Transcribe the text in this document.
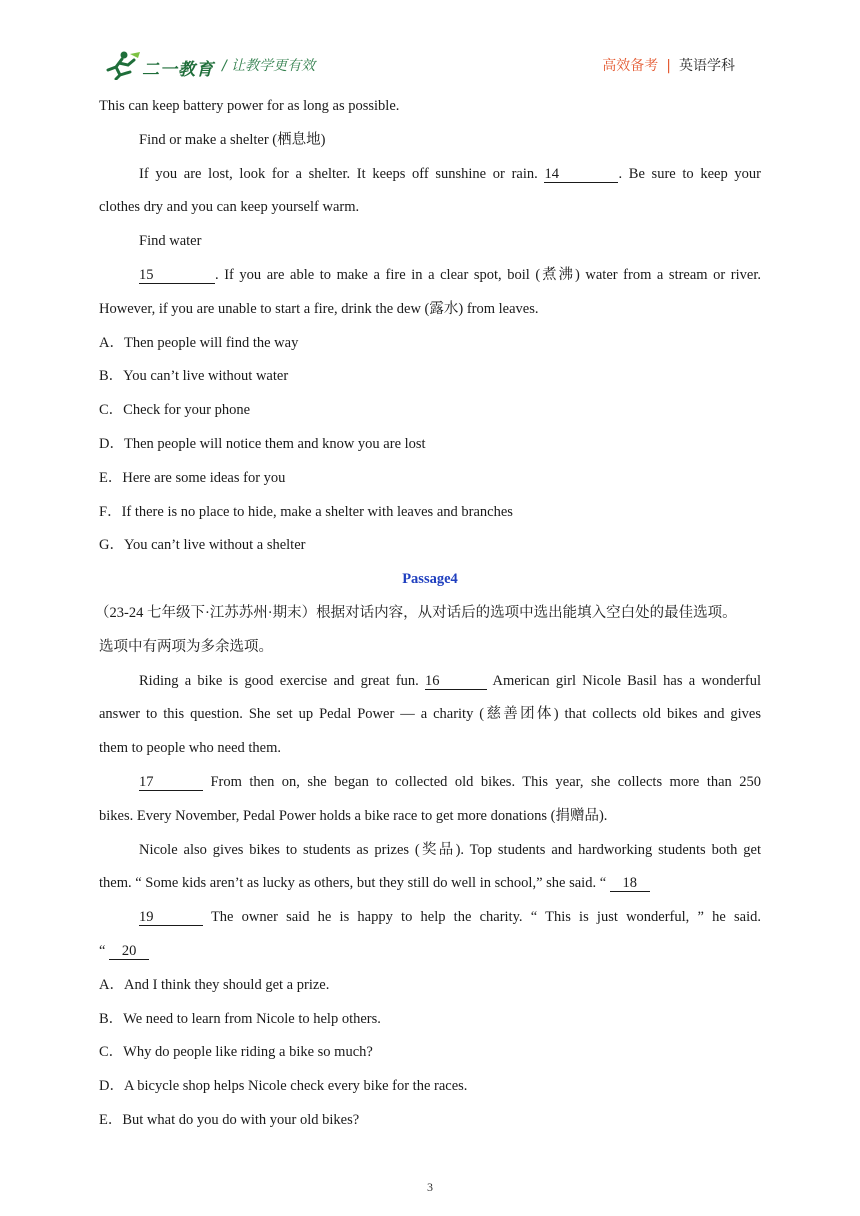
二一教育 / 让教学更有效	高效备考 | 英语学科
This can keep battery power for as long as possible.
Find or make a shelter (栖息地)
If you are lost, look for a shelter. It keeps off sunshine or rain. 14	. Be sure to keep your
clothes dry and you can keep yourself warm.
Find water
15	. If you are able to make a fire in a clear spot, boil (煮沸) water from a stream or river.
However, if you are unable to start a fire, drink the dew (露水) from leaves.
A．Then people will find the way
B．You can’t live without water
C．Check for your phone
D．Then people will notice them and know you are lost
E．Here are some ideas for you
F．If there is no place to hide, make a shelter with leaves and branches
G．You can’t live without a shelter
Passage4
（23-24 七年级下·江苏苏州·期末）根据对话内容，从对话后的选项中选出能填入空白处的最佳选项。
选项中有两项为多余选项。
Riding a bike is good exercise and great fun. 16	American girl Nicole Basil has a wonderful
answer to this question. She set up Pedal Power — a charity (慈善团体) that collects old bikes and gives
them to people who need them.
17	From then on, she began to collected old bikes. This year, she collects more than 250
bikes. Every November, Pedal Power holds a bike race to get more donations (捐赠品).
Nicole also gives bikes to students as prizes (奖品). Top students and hardworking students both get
them. “ Some kids aren’t as lucky as others, but they still do well in school,” she said. “ 18
19	The owner said he is happy to help the charity. “ This is just wonderful, ” he said.
“ 20
A．And I think they should get a prize.
B．We need to learn from Nicole to help others.
C．Why do people like riding a bike so much?
D．A bicycle shop helps Nicole check every bike for the races.
E．But what do you do with your old bikes?
3
